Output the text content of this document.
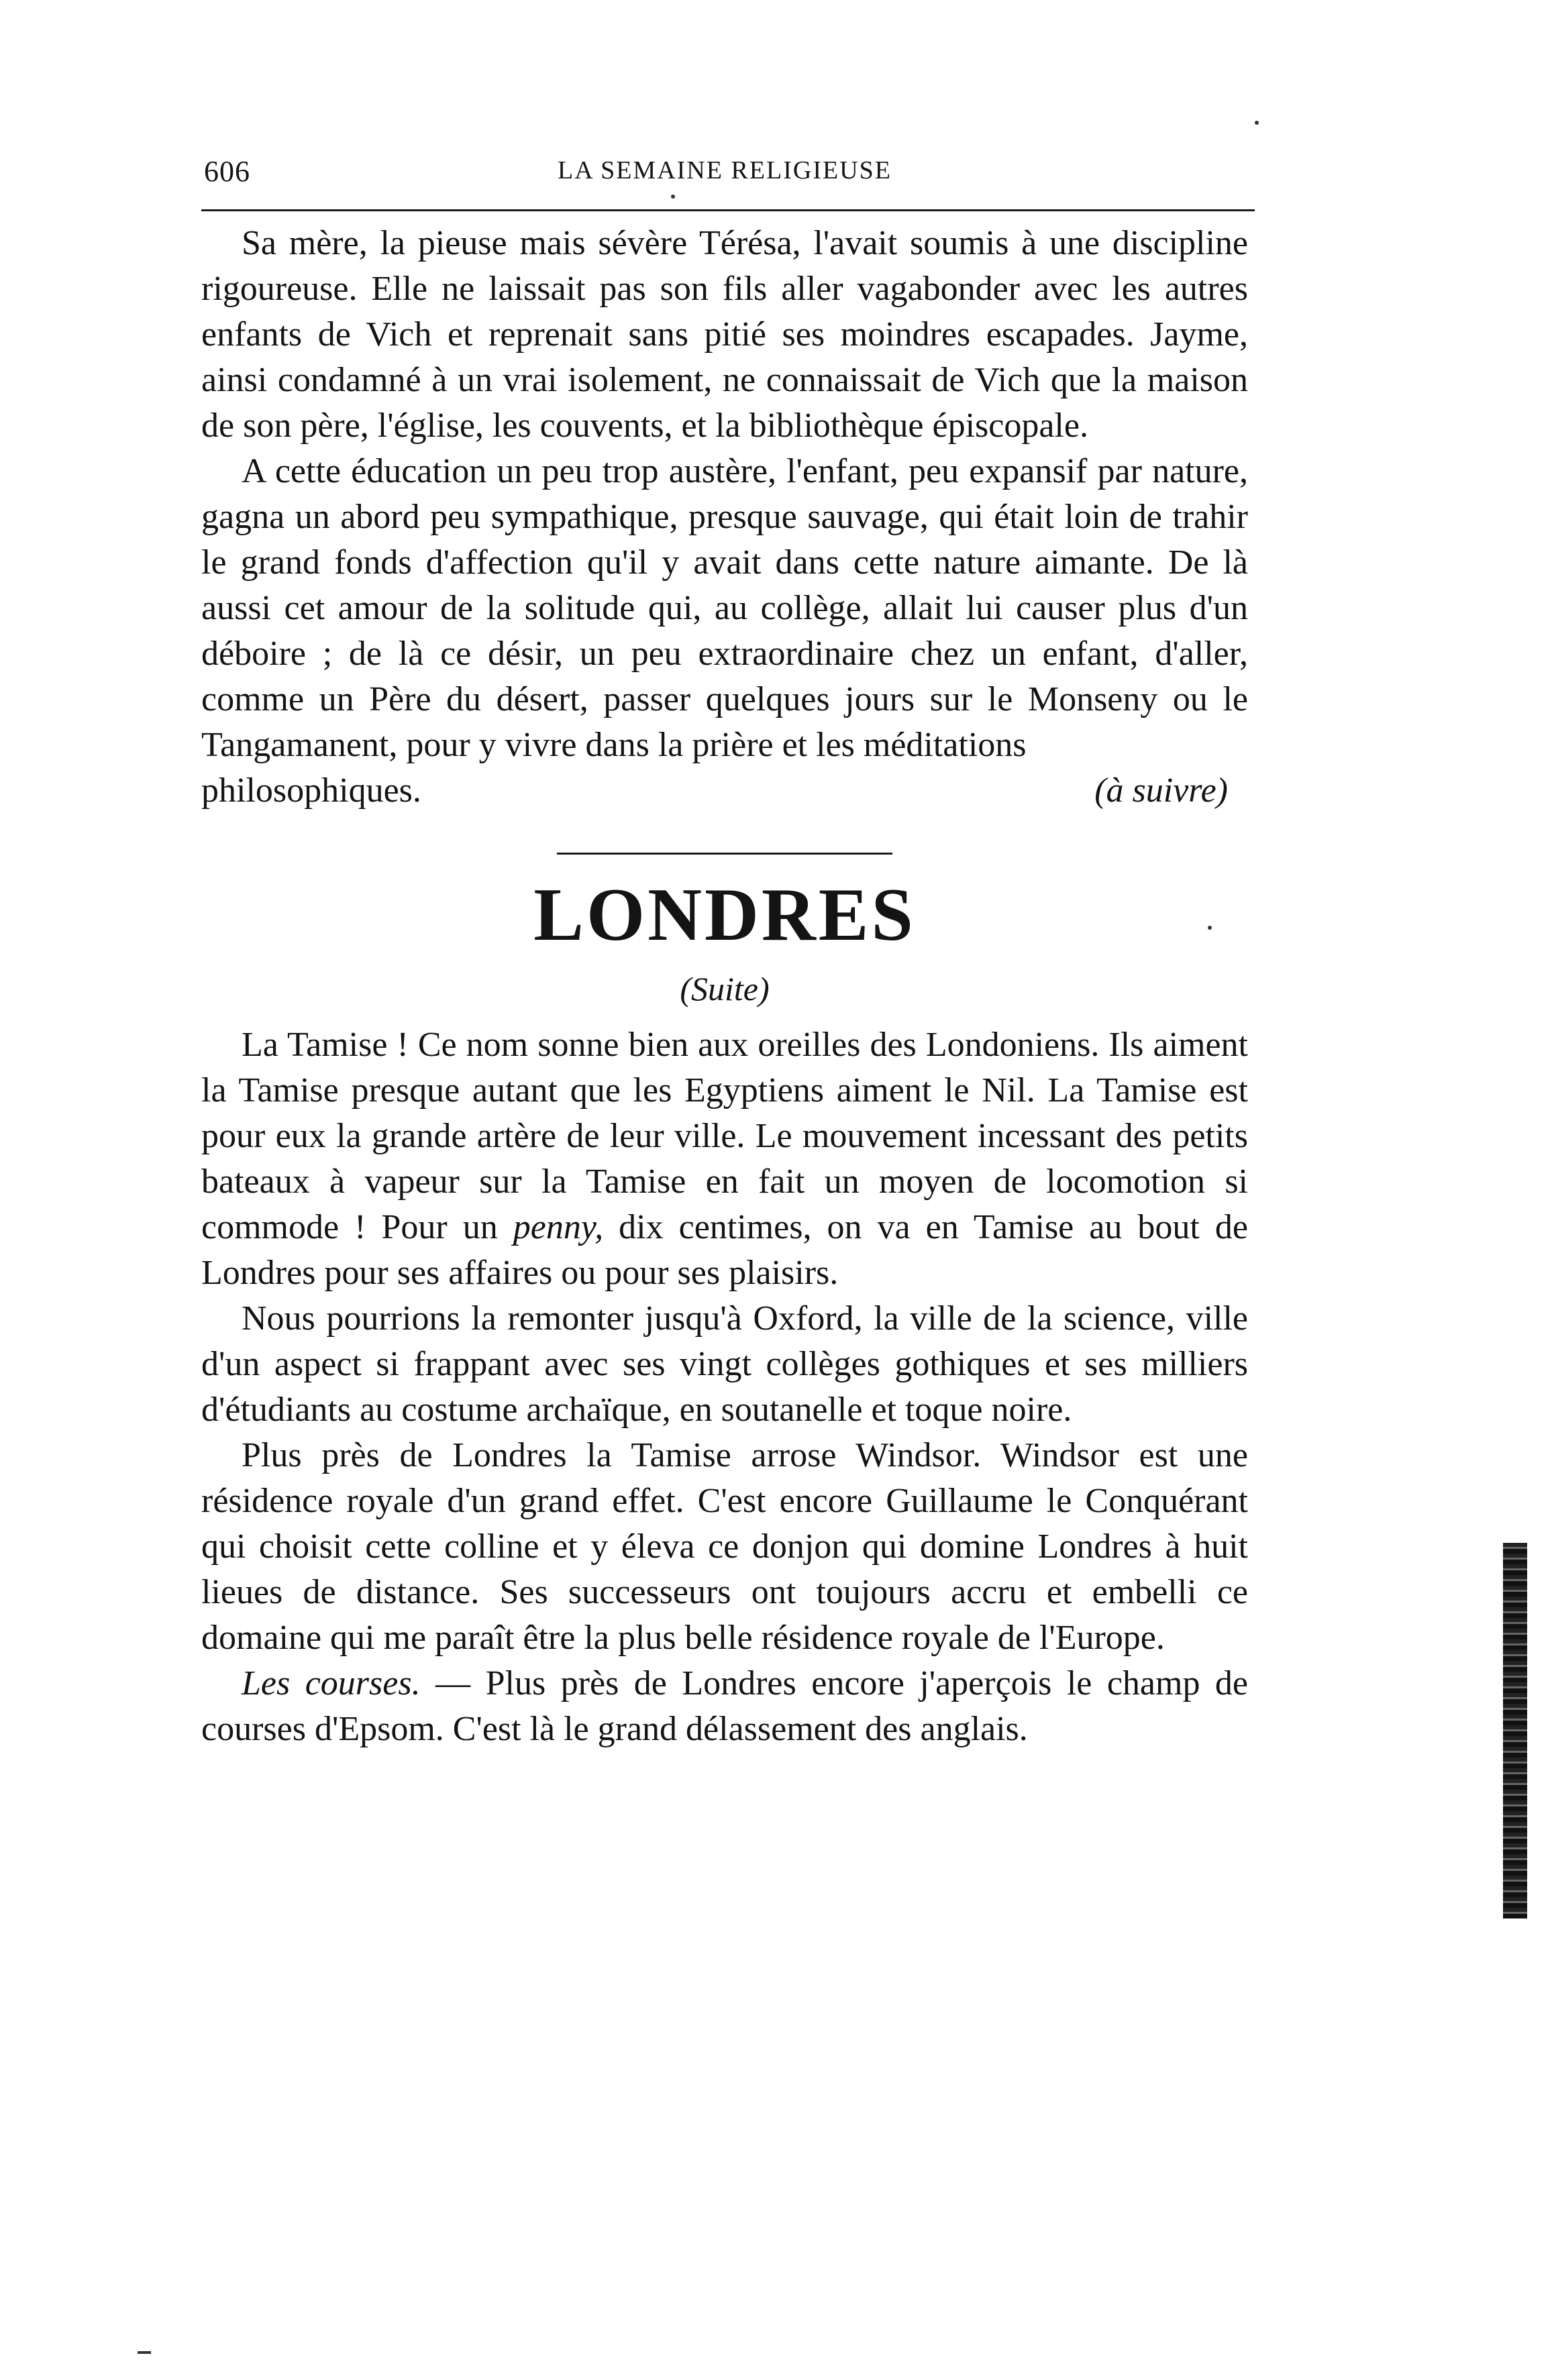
606	LA SEMAINE RELIGIEUSE

Sa mère, la pieuse mais sévère Térésa, l'avait soumis à une discipline rigoureuse. Elle ne laissait pas son fils aller vagabonder avec les autres enfants de Vich et reprenait sans pitié ses moindres escapades. Jayme, ainsi condamné à un vrai isolement, ne connaissait de Vich que la maison de son père, l'église, les couvents, et la bibliothèque épiscopale.

A cette éducation un peu trop austère, l'enfant, peu expansif par nature, gagna un abord peu sympathique, presque sauvage, qui était loin de trahir le grand fonds d'affection qu'il y avait dans cette nature aimante. De là aussi cet amour de la solitude qui, au collège, allait lui causer plus d'un déboire ; de là ce désir, un peu extraordinaire chez un enfant, d'aller, comme un Père du désert, passer quelques jours sur le Monseny ou le Tangamanent, pour y vivre dans la prière et les méditations

philosophiques.	(à suivre)
LONDRES
(Suite)

La Tamise ! Ce nom sonne bien aux oreilles des Londoniens. Ils aiment la Tamise presque autant que les Egyptiens aiment le Nil. La Tamise est pour eux la grande artère de leur ville. Le mouvement incessant des petits bateaux à vapeur sur la Tamise en fait un moyen de locomotion si commode ! Pour un penny, dix centimes, on va en Tamise au bout de Londres pour ses affaires ou pour ses plaisirs.

Nous pourrions la remonter jusqu'à Oxford, la ville de la science, ville d'un aspect si frappant avec ses vingt collèges gothiques et ses milliers d'étudiants au costume archaïque, en soutanelle et toque noire.

Plus près de Londres la Tamise arrose Windsor. Windsor est une résidence royale d'un grand effet. C'est encore Guillaume le Conquérant qui choisit cette colline et y éleva ce donjon qui domine Londres à huit lieues de distance. Ses successeurs ont toujours accru et embelli ce domaine qui me paraît être la plus belle résidence royale de l'Europe.

Les courses. — Plus près de Londres encore j'aperçois le champ de courses d'Epsom. C'est là le grand délassement des anglais.
